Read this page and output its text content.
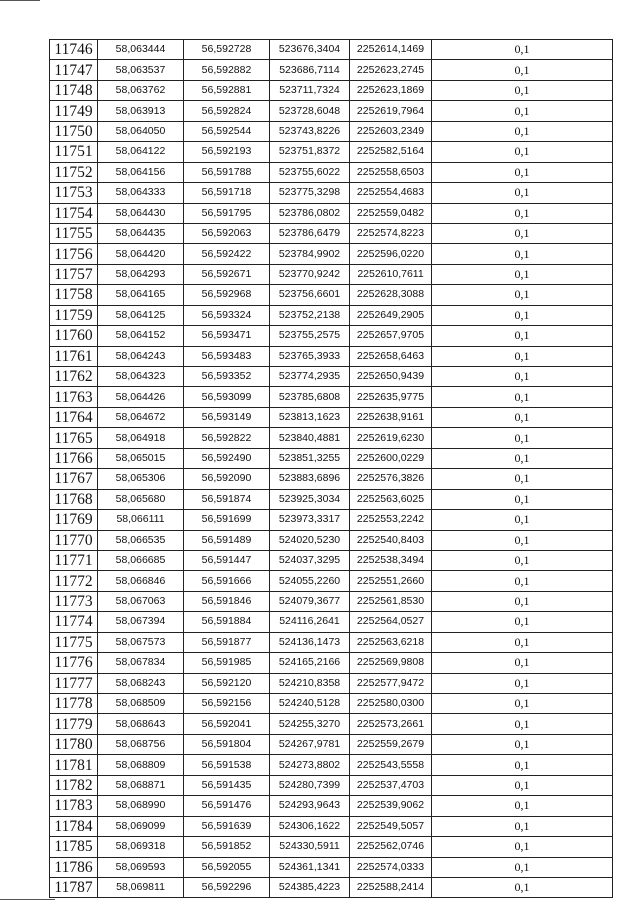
11746	58,063444	56,592728	523676,3404	2252614,1469	0,1
11747	58,063537	56,592882	523686,7114	2252623,2745	0,1
11748	58,063762	56,592881	523711,7324	2252623,1869	0,1
11749	58,063913	56,592824	523728,6048	2252619,7964	0,1
11750	58,064050	56,592544	523743,8226	2252603,2349	0,1
11751	58,064122	56,592193	523751,8372	2252582,5164	0,1
11752	58,064156	56,591788	523755,6022	2252558,6503	0,1
11753	58,064333	56,591718	523775,3298	2252554,4683	0,1
11754	58,064430	56,591795	523786,0802	2252559,0482	0,1
11755	58,064435	56,592063	523786,6479	2252574,8223	0,1
11756	58,064420	56,592422	523784,9902	2252596,0220	0,1
11757	58,064293	56,592671	523770,9242	2252610,7611	0,1
11758	58,064165	56,592968	523756,6601	2252628,3088	0,1
11759	58,064125	56,593324	523752,2138	2252649,2905	0,1
11760	58,064152	56,593471	523755,2575	2252657,9705	0,1
11761	58,064243	56,593483	523765,3933	2252658,6463	0,1
11762	58,064323	56,593352	523774,2935	2252650,9439	0,1
11763	58,064426	56,593099	523785,6808	2252635,9775	0,1
11764	58,064672	56,593149	523813,1623	2252638,9161	0,1
11765	58,064918	56,592822	523840,4881	2252619,6230	0,1
11766	58,065015	56,592490	523851,3255	2252600,0229	0,1
11767	58,065306	56,592090	523883,6896	2252576,3826	0,1
11768	58,065680	56,591874	523925,3034	2252563,6025	0,1
11769	58,066111	56,591699	523973,3317	2252553,2242	0,1
11770	58,066535	56,591489	524020,5230	2252540,8403	0,1
11771	58,066685	56,591447	524037,3295	2252538,3494	0,1
11772	58,066846	56,591666	524055,2260	2252551,2660	0,1
11773	58,067063	56,591846	524079,3677	2252561,8530	0,1
11774	58,067394	56,591884	524116,2641	2252564,0527	0,1
11775	58,067573	56,591877	524136,1473	2252563,6218	0,1
11776	58,067834	56,591985	524165,2166	2252569,9808	0,1
11777	58,068243	56,592120	524210,8358	2252577,9472	0,1
11778	58,068509	56,592156	524240,5128	2252580,0300	0,1
11779	58,068643	56,592041	524255,3270	2252573,2661	0,1
11780	58,068756	56,591804	524267,9781	2252559,2679	0,1
11781	58,068809	56,591538	524273,8802	2252543,5558	0,1
11782	58,068871	56,591435	524280,7399	2252537,4703	0,1
11783	58,068990	56,591476	524293,9643	2252539,9062	0,1
11784	58,069099	56,591639	524306,1622	2252549,5057	0,1
11785	58,069318	56,591852	524330,5911	2252562,0746	0,1
11786	58,069593	56,592055	524361,1341	2252574,0333	0,1
11787	58,069811	56,592296	524385,4223	2252588,2414	0,1
